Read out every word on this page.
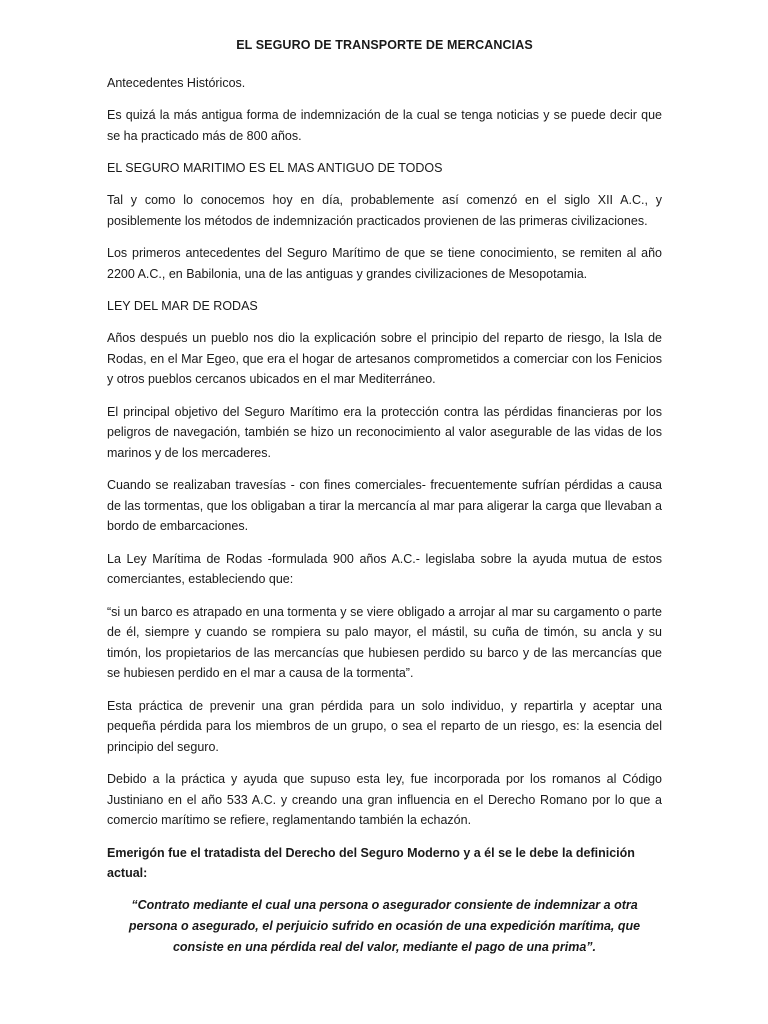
EL SEGURO DE TRANSPORTE DE MERCANCIAS

Antecedentes Históricos.

Es quizá la más antigua forma de indemnización de la cual se tenga noticias y se puede decir que se ha practicado más de 800 años.

EL SEGURO MARITIMO ES EL MAS ANTIGUO DE TODOS

Tal y como lo conocemos hoy en día, probablemente así comenzó en el siglo XII A.C., y posiblemente los métodos de indemnización practicados provienen de las primeras civilizaciones.

Los primeros antecedentes del Seguro Marítimo de que se tiene conocimiento, se remiten al año 2200 A.C., en Babilonia, una de las antiguas y grandes civilizaciones de Mesopotamia.

LEY DEL MAR DE RODAS

Años después un pueblo nos dio la explicación sobre el principio del reparto de riesgo, la Isla de Rodas, en el Mar Egeo, que era el hogar de artesanos comprometidos a comerciar con los Fenicios y otros pueblos cercanos ubicados en el mar Mediterráneo.

El principal objetivo del Seguro Marítimo era la protección contra las pérdidas financieras por los peligros de navegación, también se hizo un reconocimiento al valor asegurable de las vidas de los marinos y de los mercaderes.

Cuando se realizaban travesías - con fines comerciales- frecuentemente sufrían pérdidas a causa de las tormentas, que los obligaban a tirar la mercancía al mar para aligerar la carga que llevaban a bordo de embarcaciones.

La Ley Marítima de Rodas -formulada 900 años A.C.- legislaba sobre la ayuda mutua de estos comerciantes, estableciendo que:

“si un barco es atrapado en una tormenta y se viere obligado a arrojar al mar su cargamento o parte de él, siempre y cuando se rompiera su palo mayor, el mástil, su cuña de timón, su ancla y su timón, los propietarios de las mercancías que hubiesen perdido su barco y de las mercancías que se hubiesen perdido en el mar a causa de la tormenta”.

Esta práctica de prevenir una gran pérdida para un solo individuo, y repartirla y aceptar una pequeña pérdida para los miembros de un grupo, o sea el reparto de un riesgo, es: la esencia del principio del seguro.

Debido a la práctica y ayuda que supuso esta ley, fue incorporada por los romanos al Código Justiniano en el año 533 A.C. y creando una gran influencia en el Derecho Romano por lo que a comercio marítimo se refiere, reglamentando también la echazón.

Emerigón fue el tratadista del Derecho del Seguro Moderno y a él se le debe la definición actual:

“Contrato mediante el cual una persona o asegurador consiente de indemnizar a otra persona o asegurado, el perjuicio sufrido en ocasión de una expedición marítima, que consiste en una pérdida real del valor, mediante el pago de una prima”.
